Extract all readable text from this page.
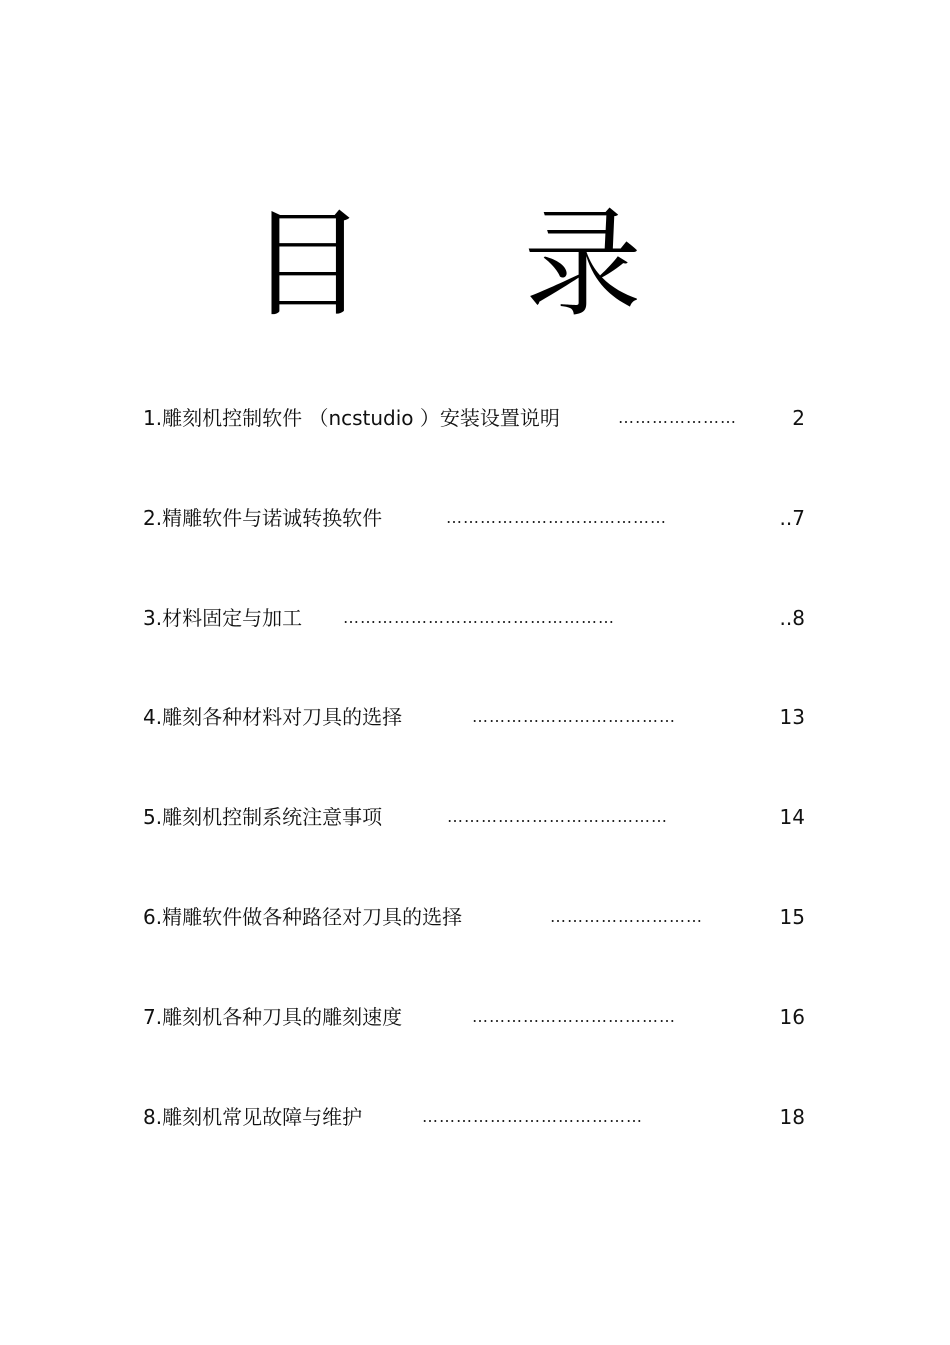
目 录
1.雕刻机控制软件 （ncstudio ）安装设置说明	…………………	2
2.精雕软件与诺诚转换软件	…………………………………	..7
3.材料固定与加工	…………………………………………	..8
4.雕刻各种材料对刀具的选择	………………………………	13
5.雕刻机控制系统注意事项	…………………………………	14
6.精雕软件做各种路径对刀具的选择	………………………	15
7.雕刻机各种刀具的雕刻速度	………………………………	16
8.雕刻机常见故障与维护	…………………………………	18
